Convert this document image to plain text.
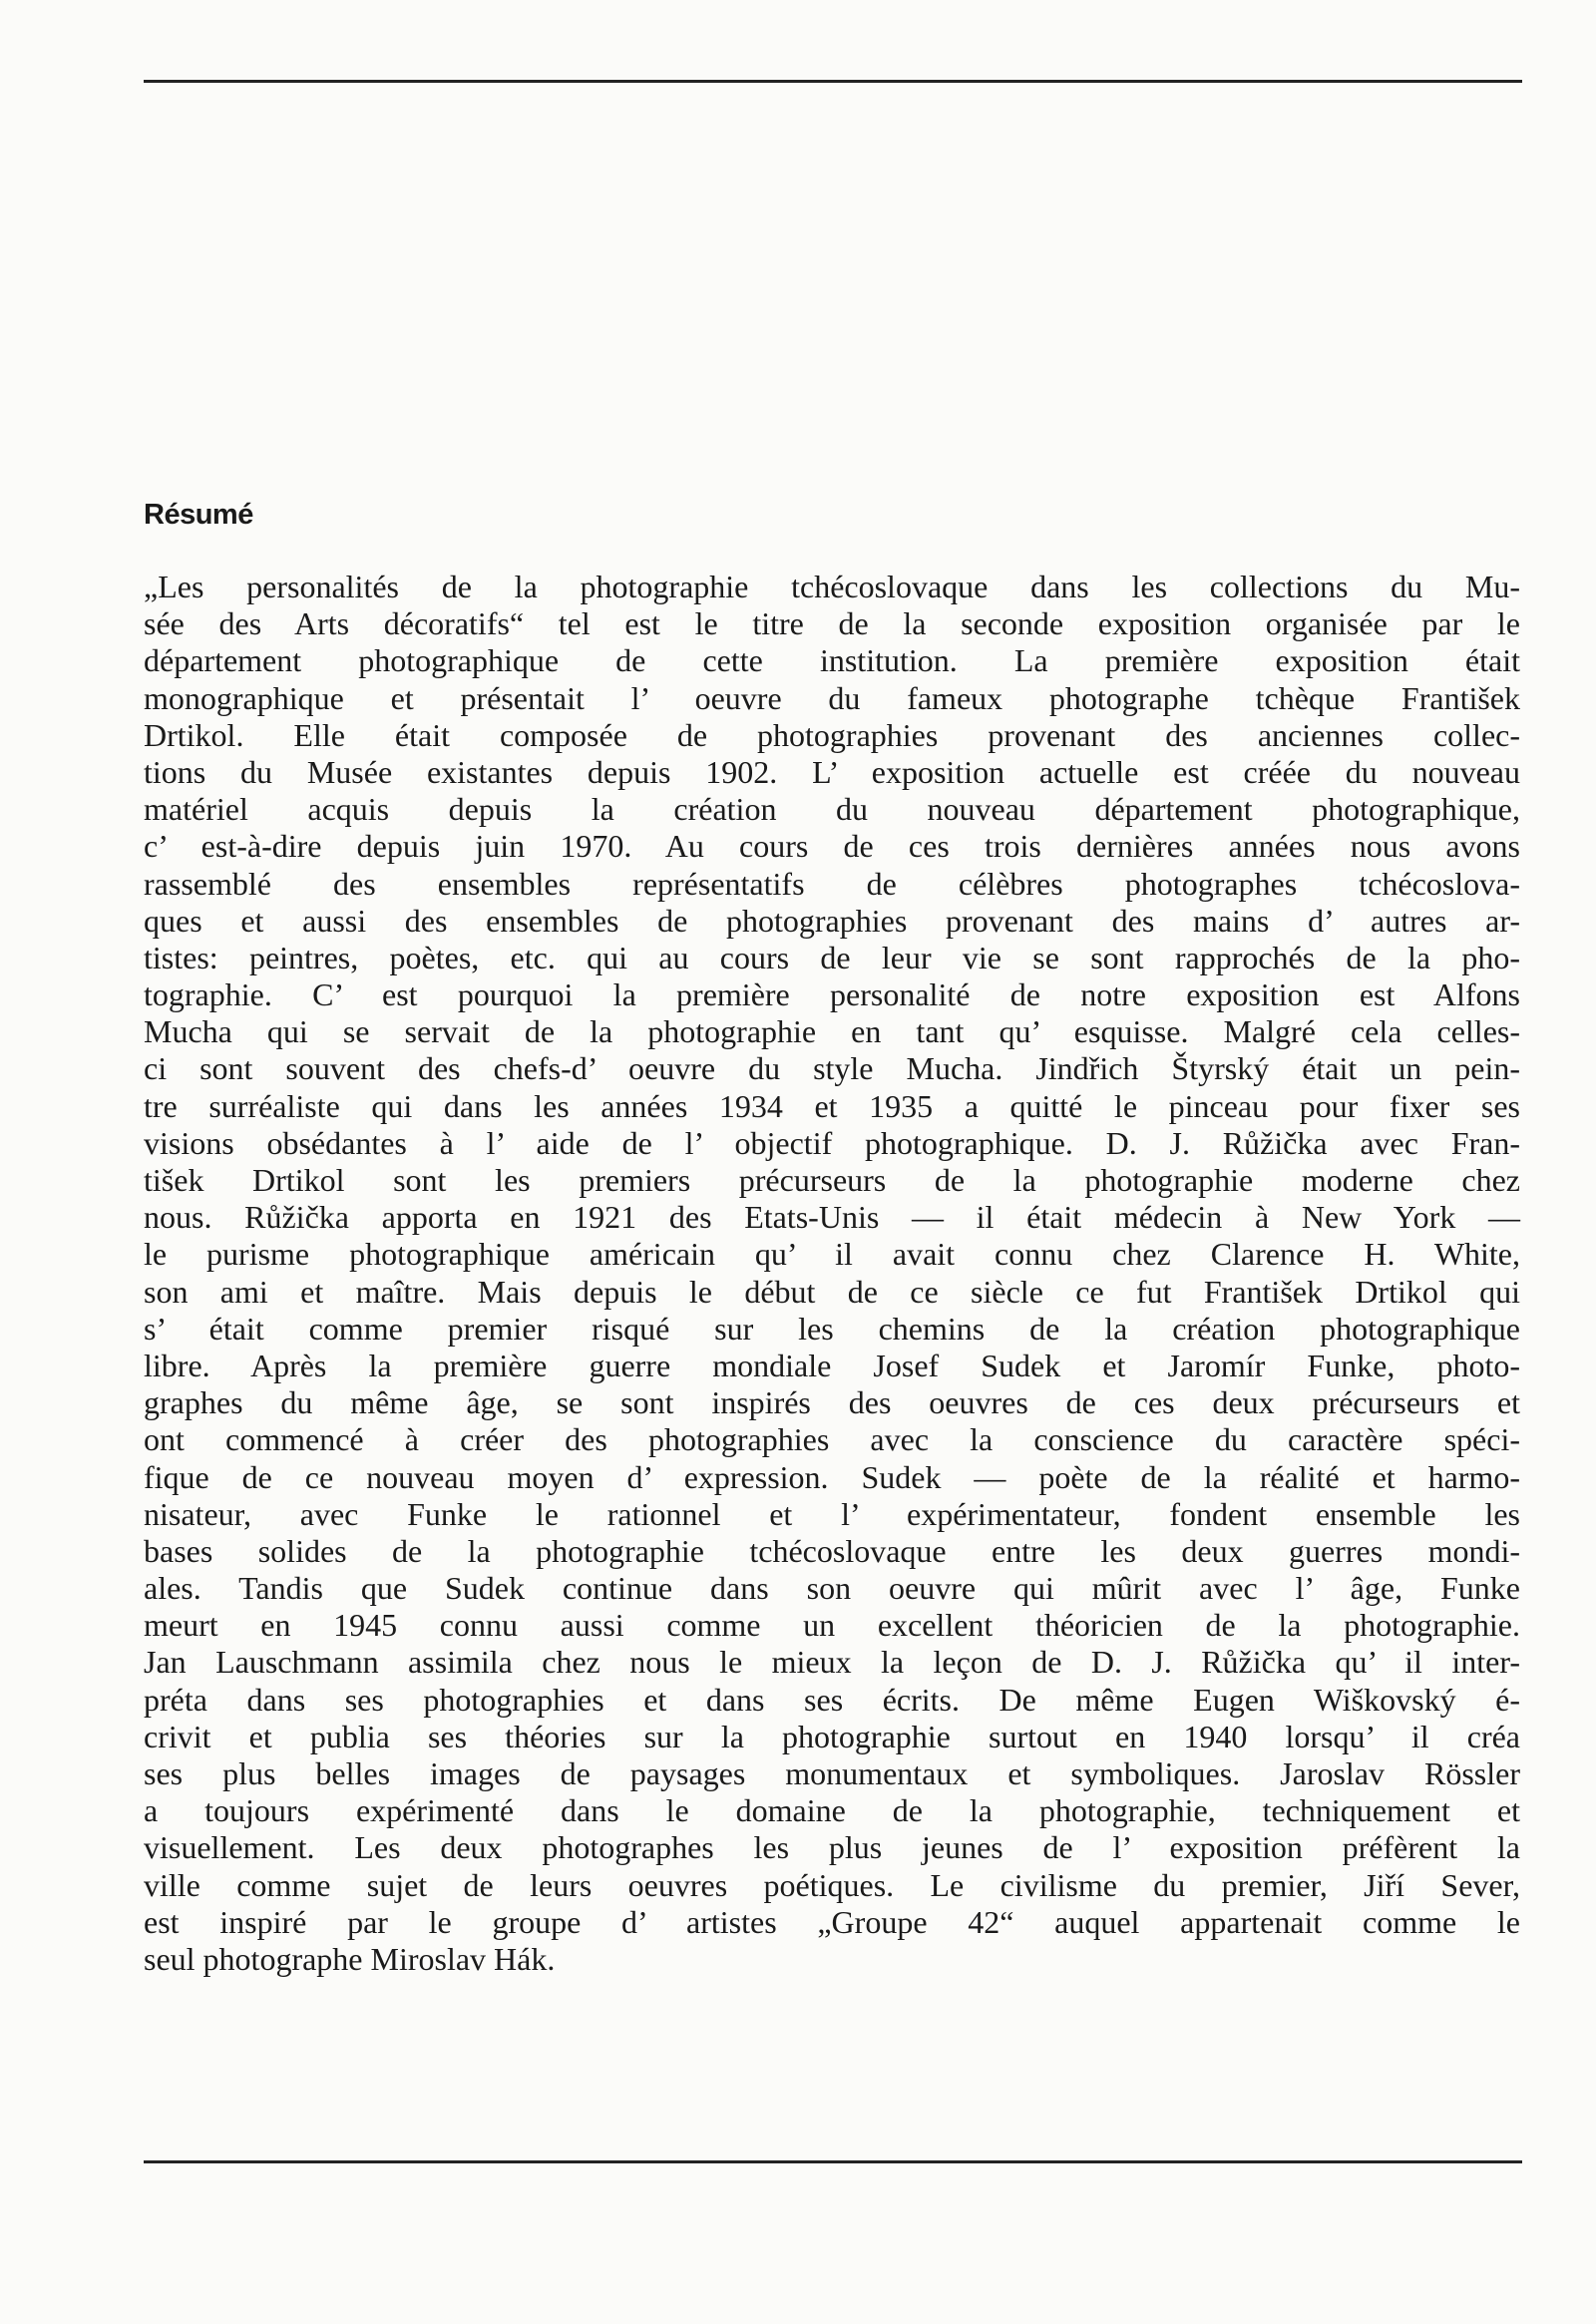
Résumé
„Les personalités de la photographie tchécoslovaque dans les collections du Mu-
sée des Arts décoratifs“ tel est le titre de la seconde exposition organisée par le
département photographique de cette institution. La première exposition était
monographique et présentait l’ oeuvre du fameux photographe tchèque František
Drtikol. Elle était composée de photographies provenant des anciennes collec-
tions du Musée existantes depuis 1902. L’ exposition actuelle est créée du nouveau
matériel acquis depuis la création du nouveau département photographique,
c’ est-à-dire depuis juin 1970. Au cours de ces trois dernières années nous avons
rassemblé des ensembles représentatifs de célèbres photographes tchécoslova-
ques et aussi des ensembles de photographies provenant des mains d’ autres ar-
tistes: peintres, poètes, etc. qui au cours de leur vie se sont rapprochés de la pho-
tographie. C’ est pourquoi la première personalité de notre exposition est Alfons
Mucha qui se servait de la photographie en tant qu’ esquisse. Malgré cela celles-
ci sont souvent des chefs-d’ oeuvre du style Mucha. Jindřich Štyrský était un pein-
tre surréaliste qui dans les années 1934 et 1935 a quitté le pinceau pour fixer ses
visions obsédantes à l’ aide de l’ objectif photographique. D. J. Růžička avec Fran-
tišek Drtikol sont les premiers précurseurs de la photographie moderne chez
nous. Růžička apporta en 1921 des Etats-Unis — il était médecin à New York —
le purisme photographique américain qu’ il avait connu chez Clarence H. White,
son ami et maître. Mais depuis le début de ce siècle ce fut František Drtikol qui
s’ était comme premier risqué sur les chemins de la création photographique
libre. Après la première guerre mondiale Josef Sudek et Jaromír Funke, photo-
graphes du même âge, se sont inspirés des oeuvres de ces deux précurseurs et
ont commencé à créer des photographies avec la conscience du caractère spéci-
fique de ce nouveau moyen d’ expression. Sudek — poète de la réalité et harmo-
nisateur, avec Funke le rationnel et l’ expérimentateur, fondent ensemble les
bases solides de la photographie tchécoslovaque entre les deux guerres mondi-
ales. Tandis que Sudek continue dans son oeuvre qui mûrit avec l’ âge, Funke
meurt en 1945 connu aussi comme un excellent théoricien de la photographie.
Jan Lauschmann assimila chez nous le mieux la leçon de D. J. Růžička qu’ il inter-
préta dans ses photographies et dans ses écrits. De même Eugen Wiškovský é-
crivit et publia ses théories sur la photographie surtout en 1940 lorsqu’ il créa
ses plus belles images de paysages monumentaux et symboliques. Jaroslav Rössler
a toujours expérimenté dans le domaine de la photographie, techniquement et
visuellement. Les deux photographes les plus jeunes de l’ exposition préfèrent la
ville comme sujet de leurs oeuvres poétiques. Le civilisme du premier, Jiří Sever,
est inspiré par le groupe d’ artistes „Groupe 42“ auquel appartenait comme le
seul photographe Miroslav Hák.
